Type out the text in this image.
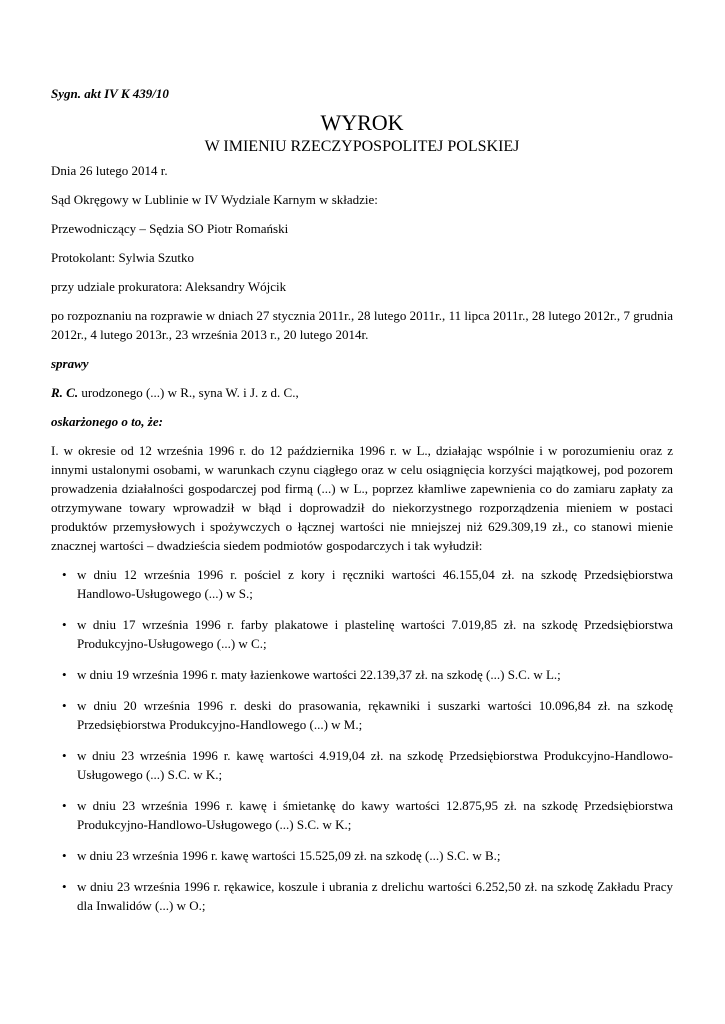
Sygn. akt IV K 439/10

WYROK
W IMIENIU RZECZYPOSPOLITEJ POLSKIEJ

Dnia 26 lutego 2014 r.

Sąd Okręgowy w Lublinie w IV Wydziale Karnym w składzie:

Przewodniczący – Sędzia SO Piotr Romański

Protokolant: Sylwia Szutko

przy udziale prokuratora: Aleksandry Wójcik

po rozpoznaniu na rozprawie w dniach 27 stycznia 2011r., 28 lutego 2011r., 11 lipca 2011r., 28 lutego 2012r., 7 grudnia 2012r., 4 lutego 2013r., 23 września 2013 r., 20 lutego 2014r.

sprawy

R. C. urodzonego (...) w R., syna W. i J. z d. C.,

oskarżonego o to, że:

I. w okresie od 12 września 1996 r. do 12 października 1996 r. w L., działając wspólnie i w porozumieniu oraz z innymi ustalonymi osobami, w warunkach czynu ciągłego oraz w celu osiągnięcia korzyści majątkowej, pod pozorem prowadzenia działalności gospodarczej pod firmą (...) w L., poprzez kłamliwe zapewnienia co do zamiaru zapłaty za otrzymywane towary wprowadził w błąd i doprowadził do niekorzystnego rozporządzenia mieniem w postaci produktów przemysłowych i spożywczych o łącznej wartości nie mniejszej niż 629.309,19 zł., co stanowi mienie znacznej wartości – dwadzieścia siedem podmiotów gospodarczych i tak wyłudził:

• w dniu 12 września 1996 r. pościel z kory i ręczniki wartości 46.155,04 zł. na szkodę Przedsiębiorstwa Handlowo-Usługowego (...) w S.;
• w dniu 17 września 1996 r. farby plakatowe i plastelinę wartości 7.019,85 zł. na szkodę Przedsiębiorstwa Produkcyjno-Usługowego (...) w C.;
• w dniu 19 września 1996 r. maty łazienkowe wartości 22.139,37 zł. na szkodę (...) S.C. w L.;
• w dniu 20 września 1996 r. deski do prasowania, rękawniki i suszarki wartości 10.096,84 zł. na szkodę Przedsiębiorstwa Produkcyjno-Handlowego (...) w M.;
• w dniu 23 września 1996 r. kawę wartości 4.919,04 zł. na szkodę Przedsiębiorstwa Produkcyjno-Handlowo-Usługowego (...) S.C. w K.;
• w dniu 23 września 1996 r. kawę i śmietankę do kawy wartości 12.875,95 zł. na szkodę Przedsiębiorstwa Produkcyjno-Handlowo-Usługowego (...) S.C. w K.;
• w dniu 23 września 1996 r. kawę wartości 15.525,09 zł. na szkodę (...) S.C. w B.;
• w dniu 23 września 1996 r. rękawice, koszule i ubrania z drelichu wartości 6.252,50 zł. na szkodę Zakładu Pracy dla Inwalidów (...) w O.;
